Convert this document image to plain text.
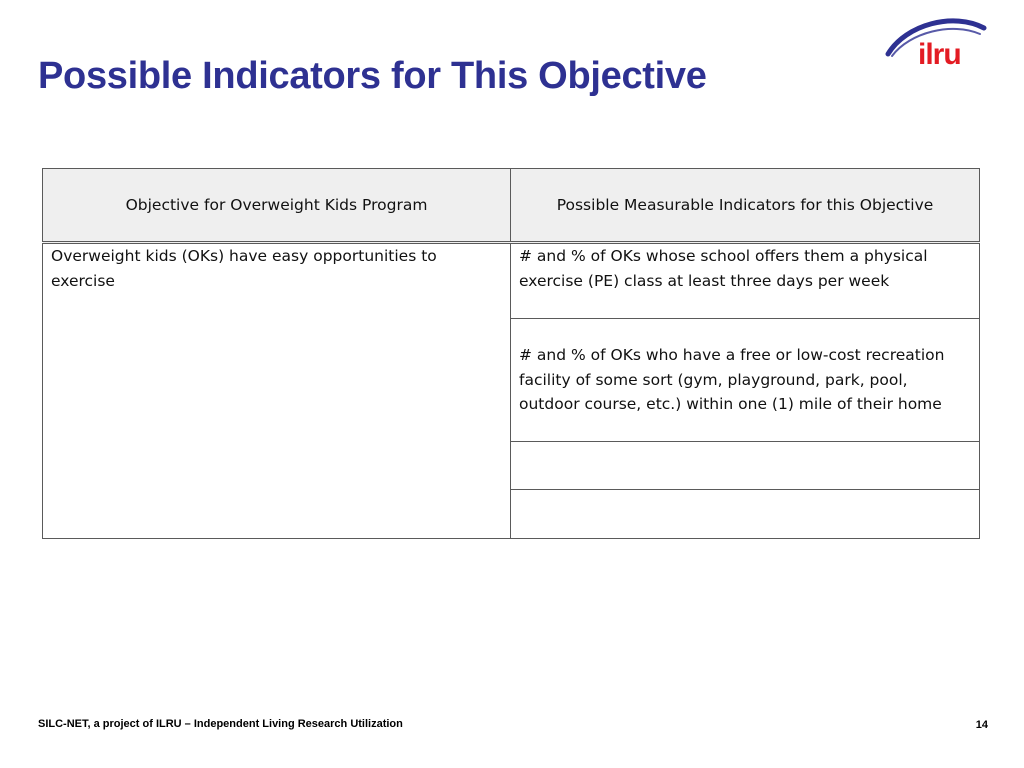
Possible Indicators for This Objective
ilru
Objective for Overweight Kids Program	Possible Measurable Indicators for this Objective
Overweight kids (OKs) have easy opportunities to exercise	# and % of OKs whose school offers them a physical exercise (PE) class at least three days per week
	# and % of OKs who have a free or low-cost recreation facility of some sort (gym, playground, park, pool, outdoor course, etc.) within one (1) mile of their home

SILC-NET, a project of ILRU – Independent Living Research Utilization	14
